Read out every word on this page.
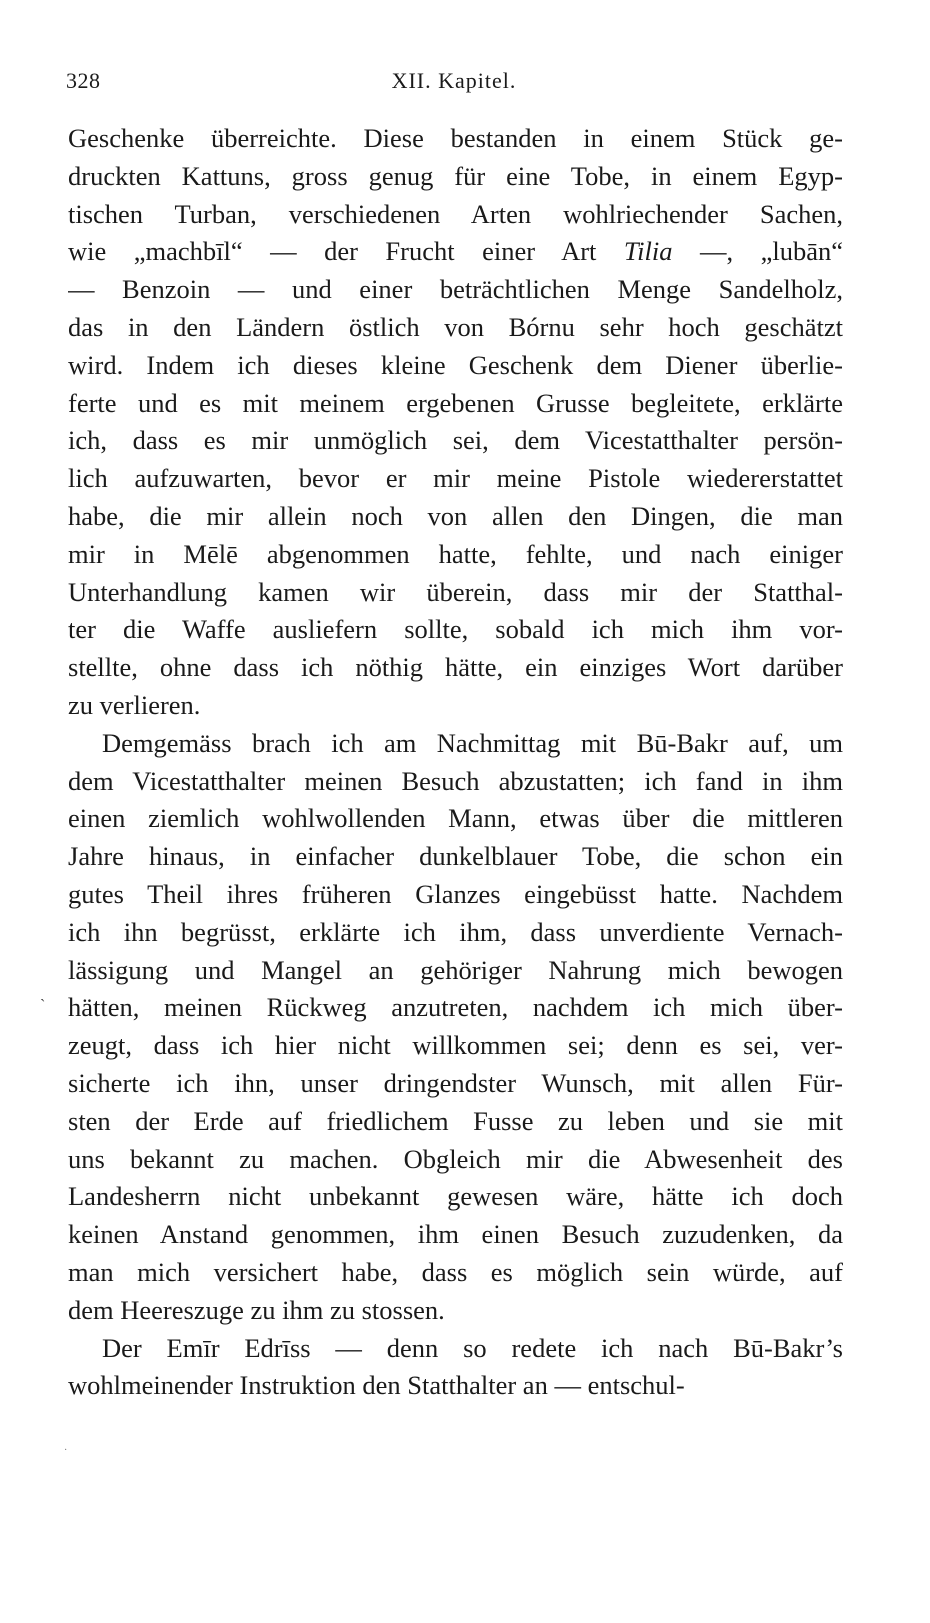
328	XII. Kapitel.
Geschenke überreichte. Diese bestanden in einem Stück ge-
druckten Kattuns, gross genug für eine Tobe, in einem Egyp-
tischen Turban, verschiedenen Arten wohlriechender Sachen,
wie „machbīl“ — der Frucht einer Art Tilia —, „lubān“
— Benzoin — und einer beträchtlichen Menge Sandelholz,
das in den Ländern östlich von Bórnu sehr hoch geschätzt
wird. Indem ich dieses kleine Geschenk dem Diener überlie-
ferte und es mit meinem ergebenen Grusse begleitete, erklärte
ich, dass es mir unmöglich sei, dem Vicestatthalter persön-
lich aufzuwarten, bevor er mir meine Pistole wiedererstattet
habe, die mir allein noch von allen den Dingen, die man
mir in Mēlē abgenommen hatte, fehlte, und nach einiger
Unterhandlung kamen wir überein, dass mir der Statthal-
ter die Waffe ausliefern sollte, sobald ich mich ihm vor-
stellte, ohne dass ich nöthig hätte, ein einziges Wort darüber
zu verlieren.
Demgemäss brach ich am Nachmittag mit Bū-Bakr auf, um
dem Vicestatthalter meinen Besuch abzustatten; ich fand in ihm
einen ziemlich wohlwollenden Mann, etwas über die mittleren
Jahre hinaus, in einfacher dunkelblauer Tobe, die schon ein
gutes Theil ihres früheren Glanzes eingebüsst hatte. Nachdem
ich ihn begrüsst, erklärte ich ihm, dass unverdiente Vernach-
lässigung und Mangel an gehöriger Nahrung mich bewogen
hätten, meinen Rückweg anzutreten, nachdem ich mich über-
zeugt, dass ich hier nicht willkommen sei; denn es sei, ver-
sicherte ich ihn, unser dringendster Wunsch, mit allen Für-
sten der Erde auf friedlichem Fusse zu leben und sie mit
uns bekannt zu machen. Obgleich mir die Abwesenheit des
Landesherrn nicht unbekannt gewesen wäre, hätte ich doch
keinen Anstand genommen, ihm einen Besuch zuzudenken, da
man mich versichert habe, dass es möglich sein würde, auf
dem Heereszuge zu ihm zu stossen.
Der Emīr Edrīss — denn so redete ich nach Bū-Bakr’s
wohlmeinender Instruktion den Statthalter an — entschul-
ˎ
·
